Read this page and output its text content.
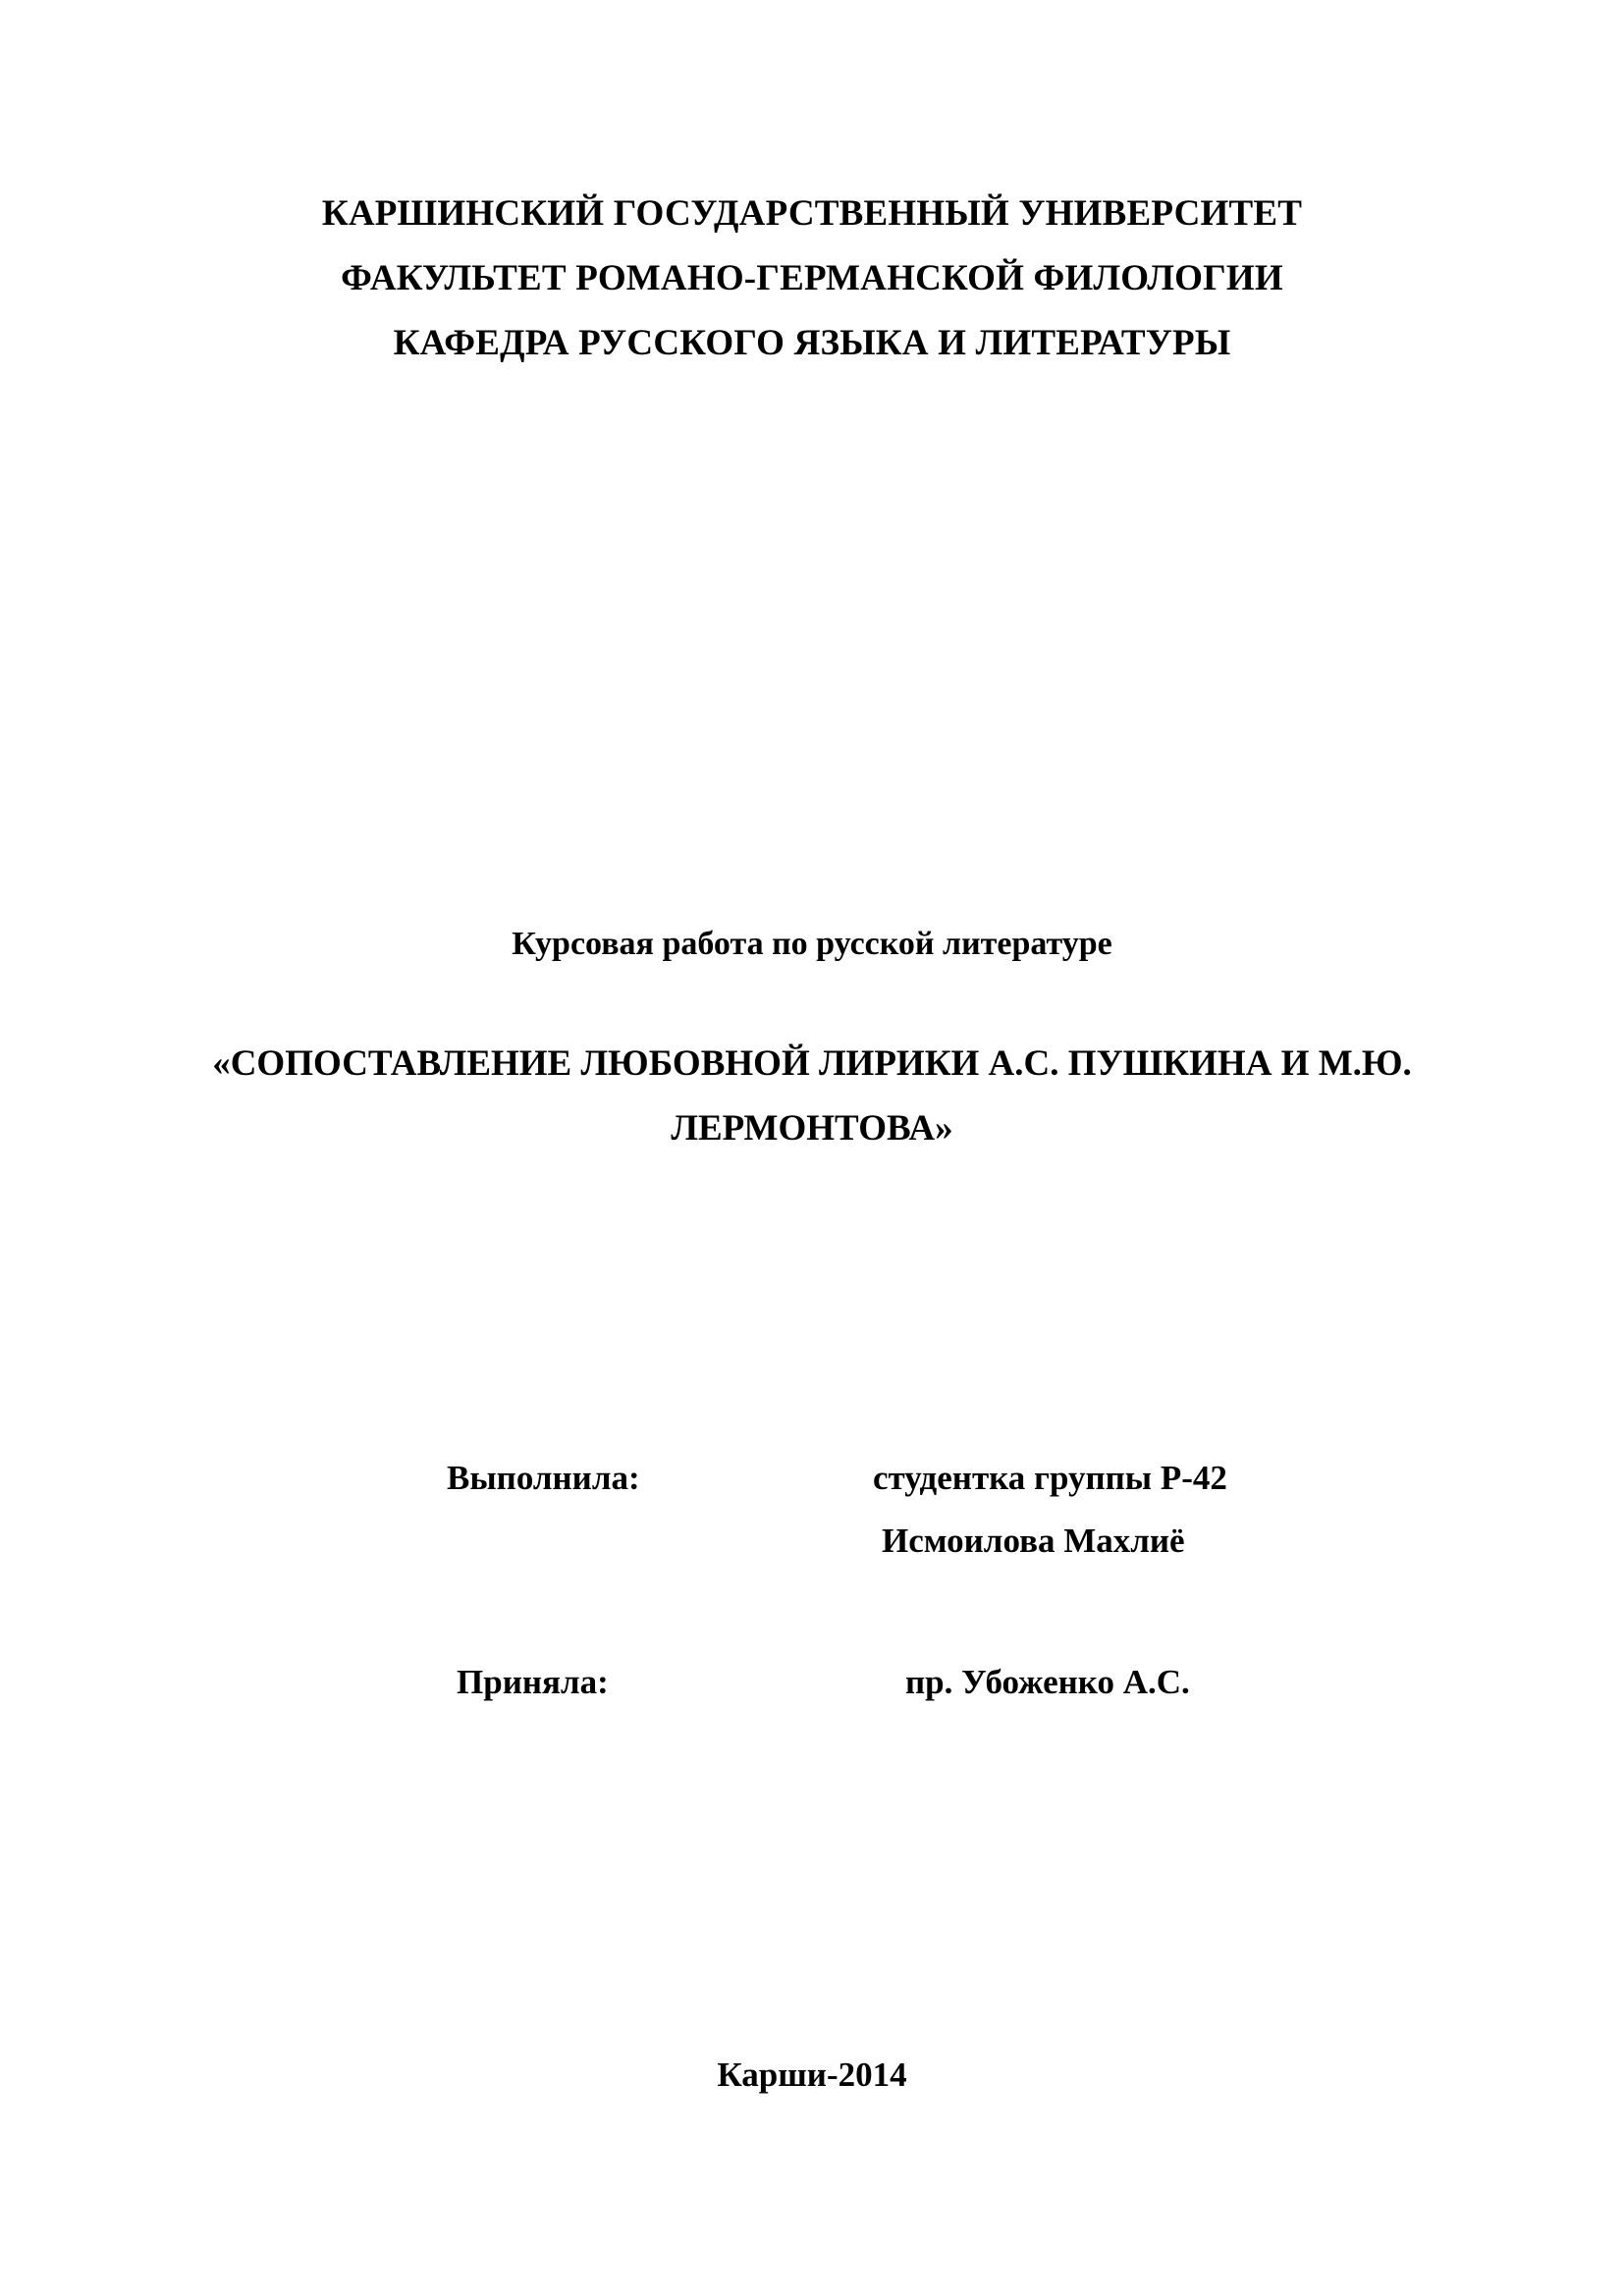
КАРШИНСКИЙ ГОСУДАРСТВЕННЫЙ УНИВЕРСИТЕТ
ФАКУЛЬТЕТ РОМАНО-ГЕРМАНСКОЙ ФИЛОЛОГИИ
КАФЕДРА РУССКОГО ЯЗЫКА И ЛИТЕРАТУРЫ
Курсовая работа по русской литературе
«СОПОСТАВЛЕНИЕ ЛЮБОВНОЙ ЛИРИКИ А.С. ПУШКИНА И М.Ю.
ЛЕРМОНТОВА»
Выполнила:	студентка группы Р-42
Исмоилова Махлиё
Приняла:	пр. Убоженко А.С.
Карши-2014
